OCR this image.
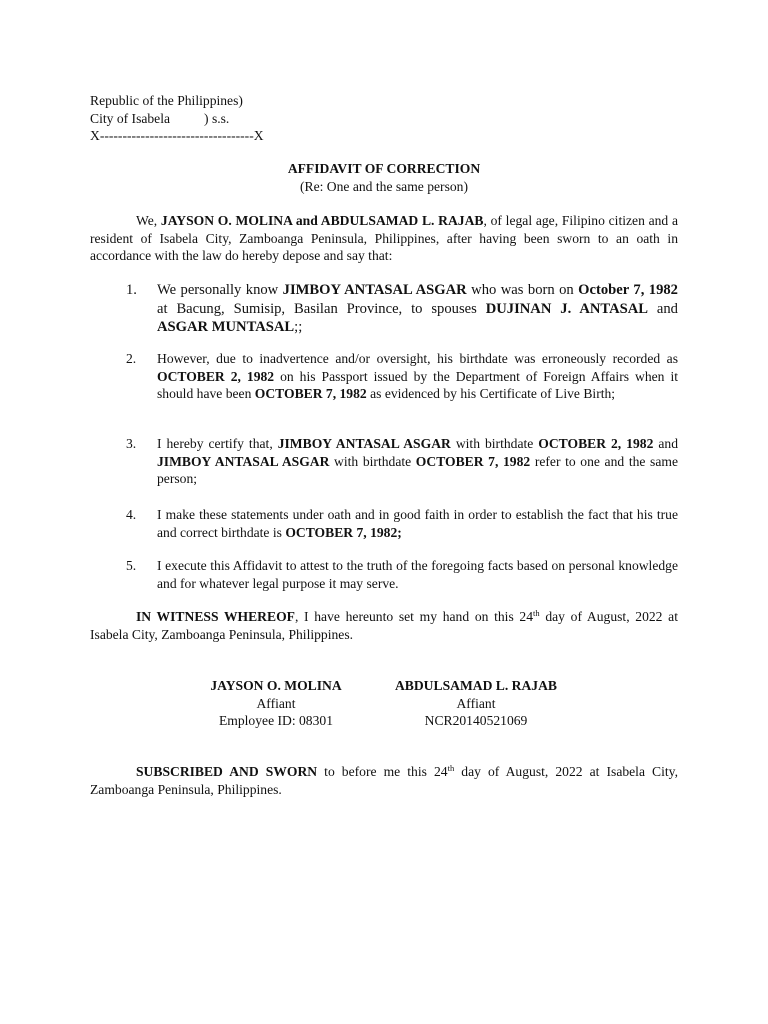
Republic of the Philippines)
City of Isabela          ) s.s.
X----------------------------------X
AFFIDAVIT OF CORRECTION
(Re: One and the same person)
We, JAYSON O. MOLINA and ABDULSAMAD L. RAJAB, of legal age, Filipino citizen and a resident of Isabela City, Zamboanga Peninsula, Philippines, after having been sworn to an oath in accordance with the law do hereby depose and say that:
1.	We personally know JIMBOY ANTASAL ASGAR who was born on October 7, 1982 at Bacung, Sumisip, Basilan Province, to spouses DUJINAN J. ANTASAL and ASGAR MUNTASAL;;
2.	However, due to inadvertence and/or oversight, his birthdate was erroneously recorded as OCTOBER 2, 1982 on his Passport issued by the Department of Foreign Affairs when it should have been OCTOBER 7, 1982 as evidenced by his Certificate of Live Birth;
3.	I hereby certify that, JIMBOY ANTASAL ASGAR with birthdate OCTOBER 2, 1982 and JIMBOY ANTASAL ASGAR with birthdate OCTOBER 7, 1982 refer to one and the same person;
4.	I make these statements under oath and in good faith in order to establish the fact that his true and correct birthdate is OCTOBER 7, 1982;
5.	I execute this Affidavit to attest to the truth of the foregoing facts based on personal knowledge and for whatever legal purpose it may serve.
IN WITNESS WHEREOF, I have hereunto set my hand on this 24th day of August, 2022 at Isabela City, Zamboanga Peninsula, Philippines.
JAYSON O. MOLINA
Affiant
Employee ID: 08301
ABDULSAMAD L. RAJAB
Affiant
NCR20140521069
SUBSCRIBED AND SWORN to before me this 24th day of August, 2022 at Isabela City, Zamboanga Peninsula, Philippines.
